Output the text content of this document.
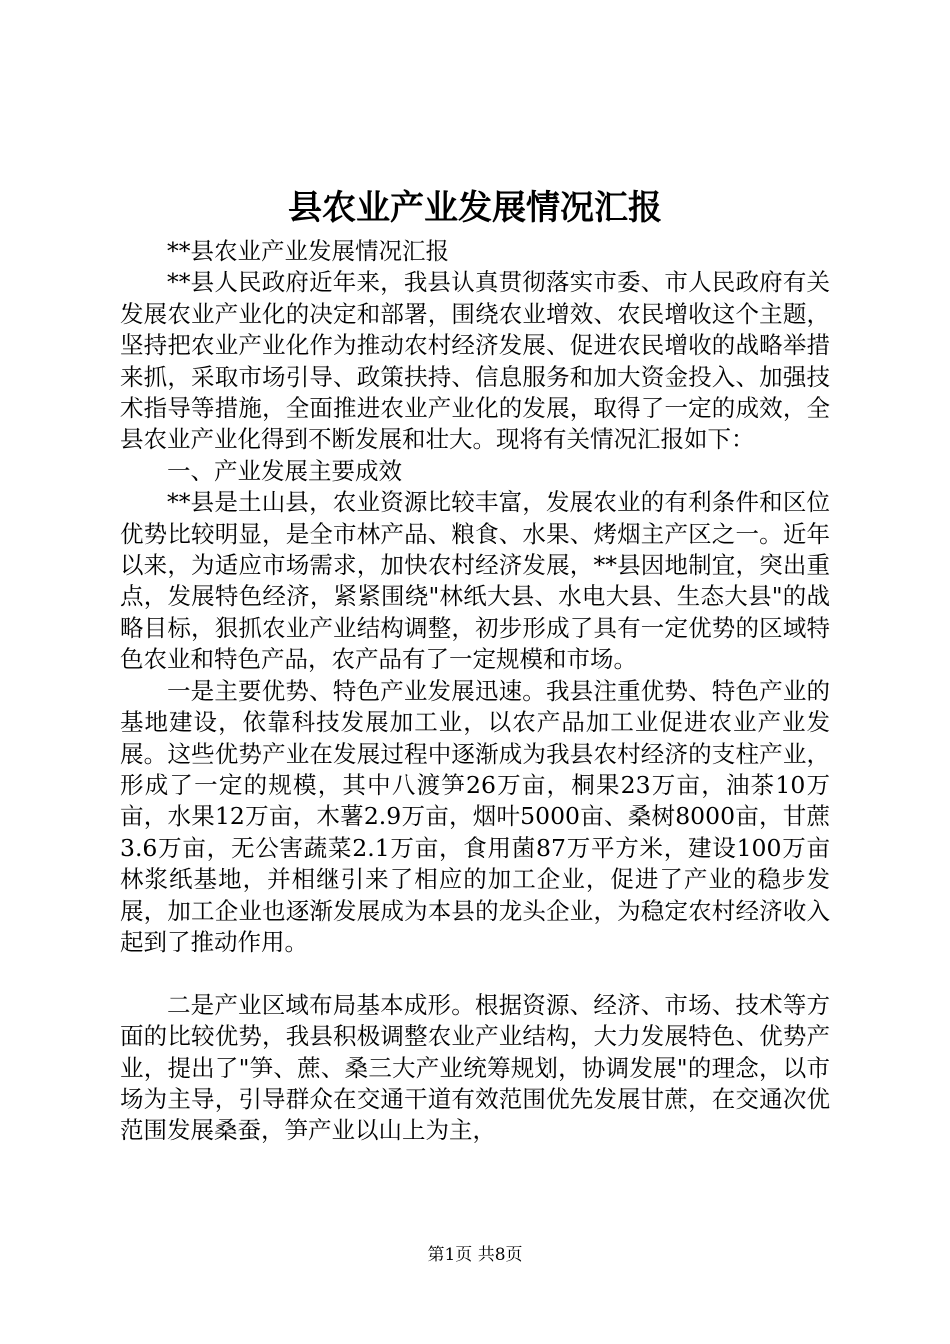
县农业产业发展情况汇报

**县农业产业发展情况汇报

**县人民政府近年来，我县认真贯彻落实市委、市人民政府有关发展农业产业化的决定和部署，围绕农业增效、农民增收这个主题，坚持把农业产业化作为推动农村经济发展、促进农民增收的战略举措来抓，采取市场引导、政策扶持、信息服务和加大资金投入、加强技术指导等措施，全面推进农业产业化的发展，取得了一定的成效，全县农业产业化得到不断发展和壮大。现将有关情况汇报如下：

一、产业发展主要成效

**县是土山县，农业资源比较丰富，发展农业的有利条件和区位优势比较明显，是全市林产品、粮食、水果、烤烟主产区之一。近年以来，为适应市场需求，加快农村经济发展，**县因地制宜，突出重点，发展特色经济，紧紧围绕"林纸大县、水电大县、生态大县"的战略目标，狠抓农业产业结构调整，初步形成了具有一定优势的区域特色农业和特色产品，农产品有了一定规模和市场。

一是主要优势、特色产业发展迅速。我县注重优势、特色产业的基地建设，依靠科技发展加工业，以农产品加工业促进农业产业发展。这些优势产业在发展过程中逐渐成为我县农村经济的支柱产业，形成了一定的规模，其中八渡笋26万亩，桐果23万亩，油茶10万亩，水果12万亩，木薯2.9万亩，烟叶5000亩、桑树8000亩，甘蔗3.6万亩，无公害蔬菜2.1万亩，食用菌87万平方米，建设100万亩林浆纸基地，并相继引来了相应的加工企业，促进了产业的稳步发展，加工企业也逐渐发展成为本县的龙头企业，为稳定农村经济收入起到了推动作用。

二是产业区域布局基本成形。根据资源、经济、市场、技术等方面的比较优势，我县积极调整农业产业结构，大力发展特色、优势产业，提出了"笋、蔗、桑三大产业统筹规划，协调发展"的理念，以市场为主导，引导群众在交通干道有效范围优先发展甘蔗，在交通次优范围发展桑蚕，笋产业以山上为主，

第1页 共8页
